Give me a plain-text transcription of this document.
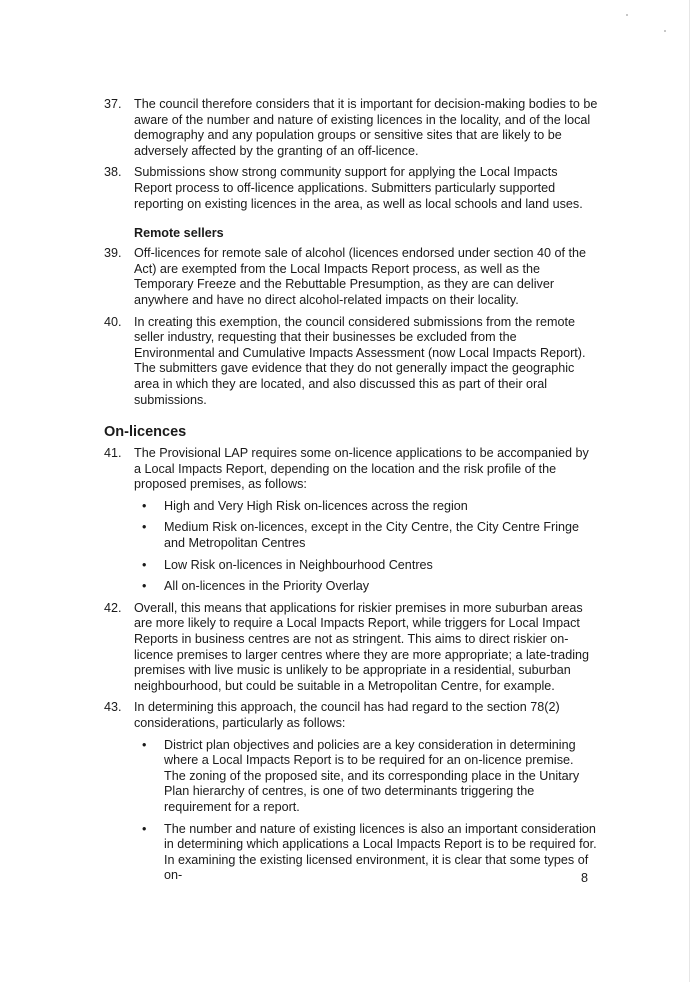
37. The council therefore considers that it is important for decision-making bodies to be aware of the number and nature of existing licences in the locality, and of the local demography and any population groups or sensitive sites that are likely to be adversely affected by the granting of an off-licence.
38. Submissions show strong community support for applying the Local Impacts Report process to off-licence applications. Submitters particularly supported reporting on existing licences in the area, as well as local schools and land uses.
Remote sellers
39. Off-licences for remote sale of alcohol (licences endorsed under section 40 of the Act) are exempted from the Local Impacts Report process, as well as the Temporary Freeze and the Rebuttable Presumption, as they are can deliver anywhere and have no direct alcohol-related impacts on their locality.
40. In creating this exemption, the council considered submissions from the remote seller industry, requesting that their businesses be excluded from the Environmental and Cumulative Impacts Assessment (now Local Impacts Report). The submitters gave evidence that they do not generally impact the geographic area in which they are located, and also discussed this as part of their oral submissions.
On-licences
41. The Provisional LAP requires some on-licence applications to be accompanied by a Local Impacts Report, depending on the location and the risk profile of the proposed premises, as follows:
•	High and Very High Risk on-licences across the region
•	Medium Risk on-licences, except in the City Centre, the City Centre Fringe and Metropolitan Centres
•	Low Risk on-licences in Neighbourhood Centres
•	All on-licences in the Priority Overlay
42. Overall, this means that applications for riskier premises in more suburban areas are more likely to require a Local Impacts Report, while triggers for Local Impact Reports in business centres are not as stringent. This aims to direct riskier on-licence premises to larger centres where they are more appropriate; a late-trading premises with live music is unlikely to be appropriate in a residential, suburban neighbourhood, but could be suitable in a Metropolitan Centre, for example.
43. In determining this approach, the council has had regard to the section 78(2) considerations, particularly as follows:
•	District plan objectives and policies are a key consideration in determining where a Local Impacts Report is to be required for an on-licence premise. The zoning of the proposed site, and its corresponding place in the Unitary Plan hierarchy of centres, is one of two determinants triggering the requirement for a report.
•	The number and nature of existing licences is also an important consideration in determining which applications a Local Impacts Report is to be required for. In examining the existing licensed environment, it is clear that some types of on-	8
